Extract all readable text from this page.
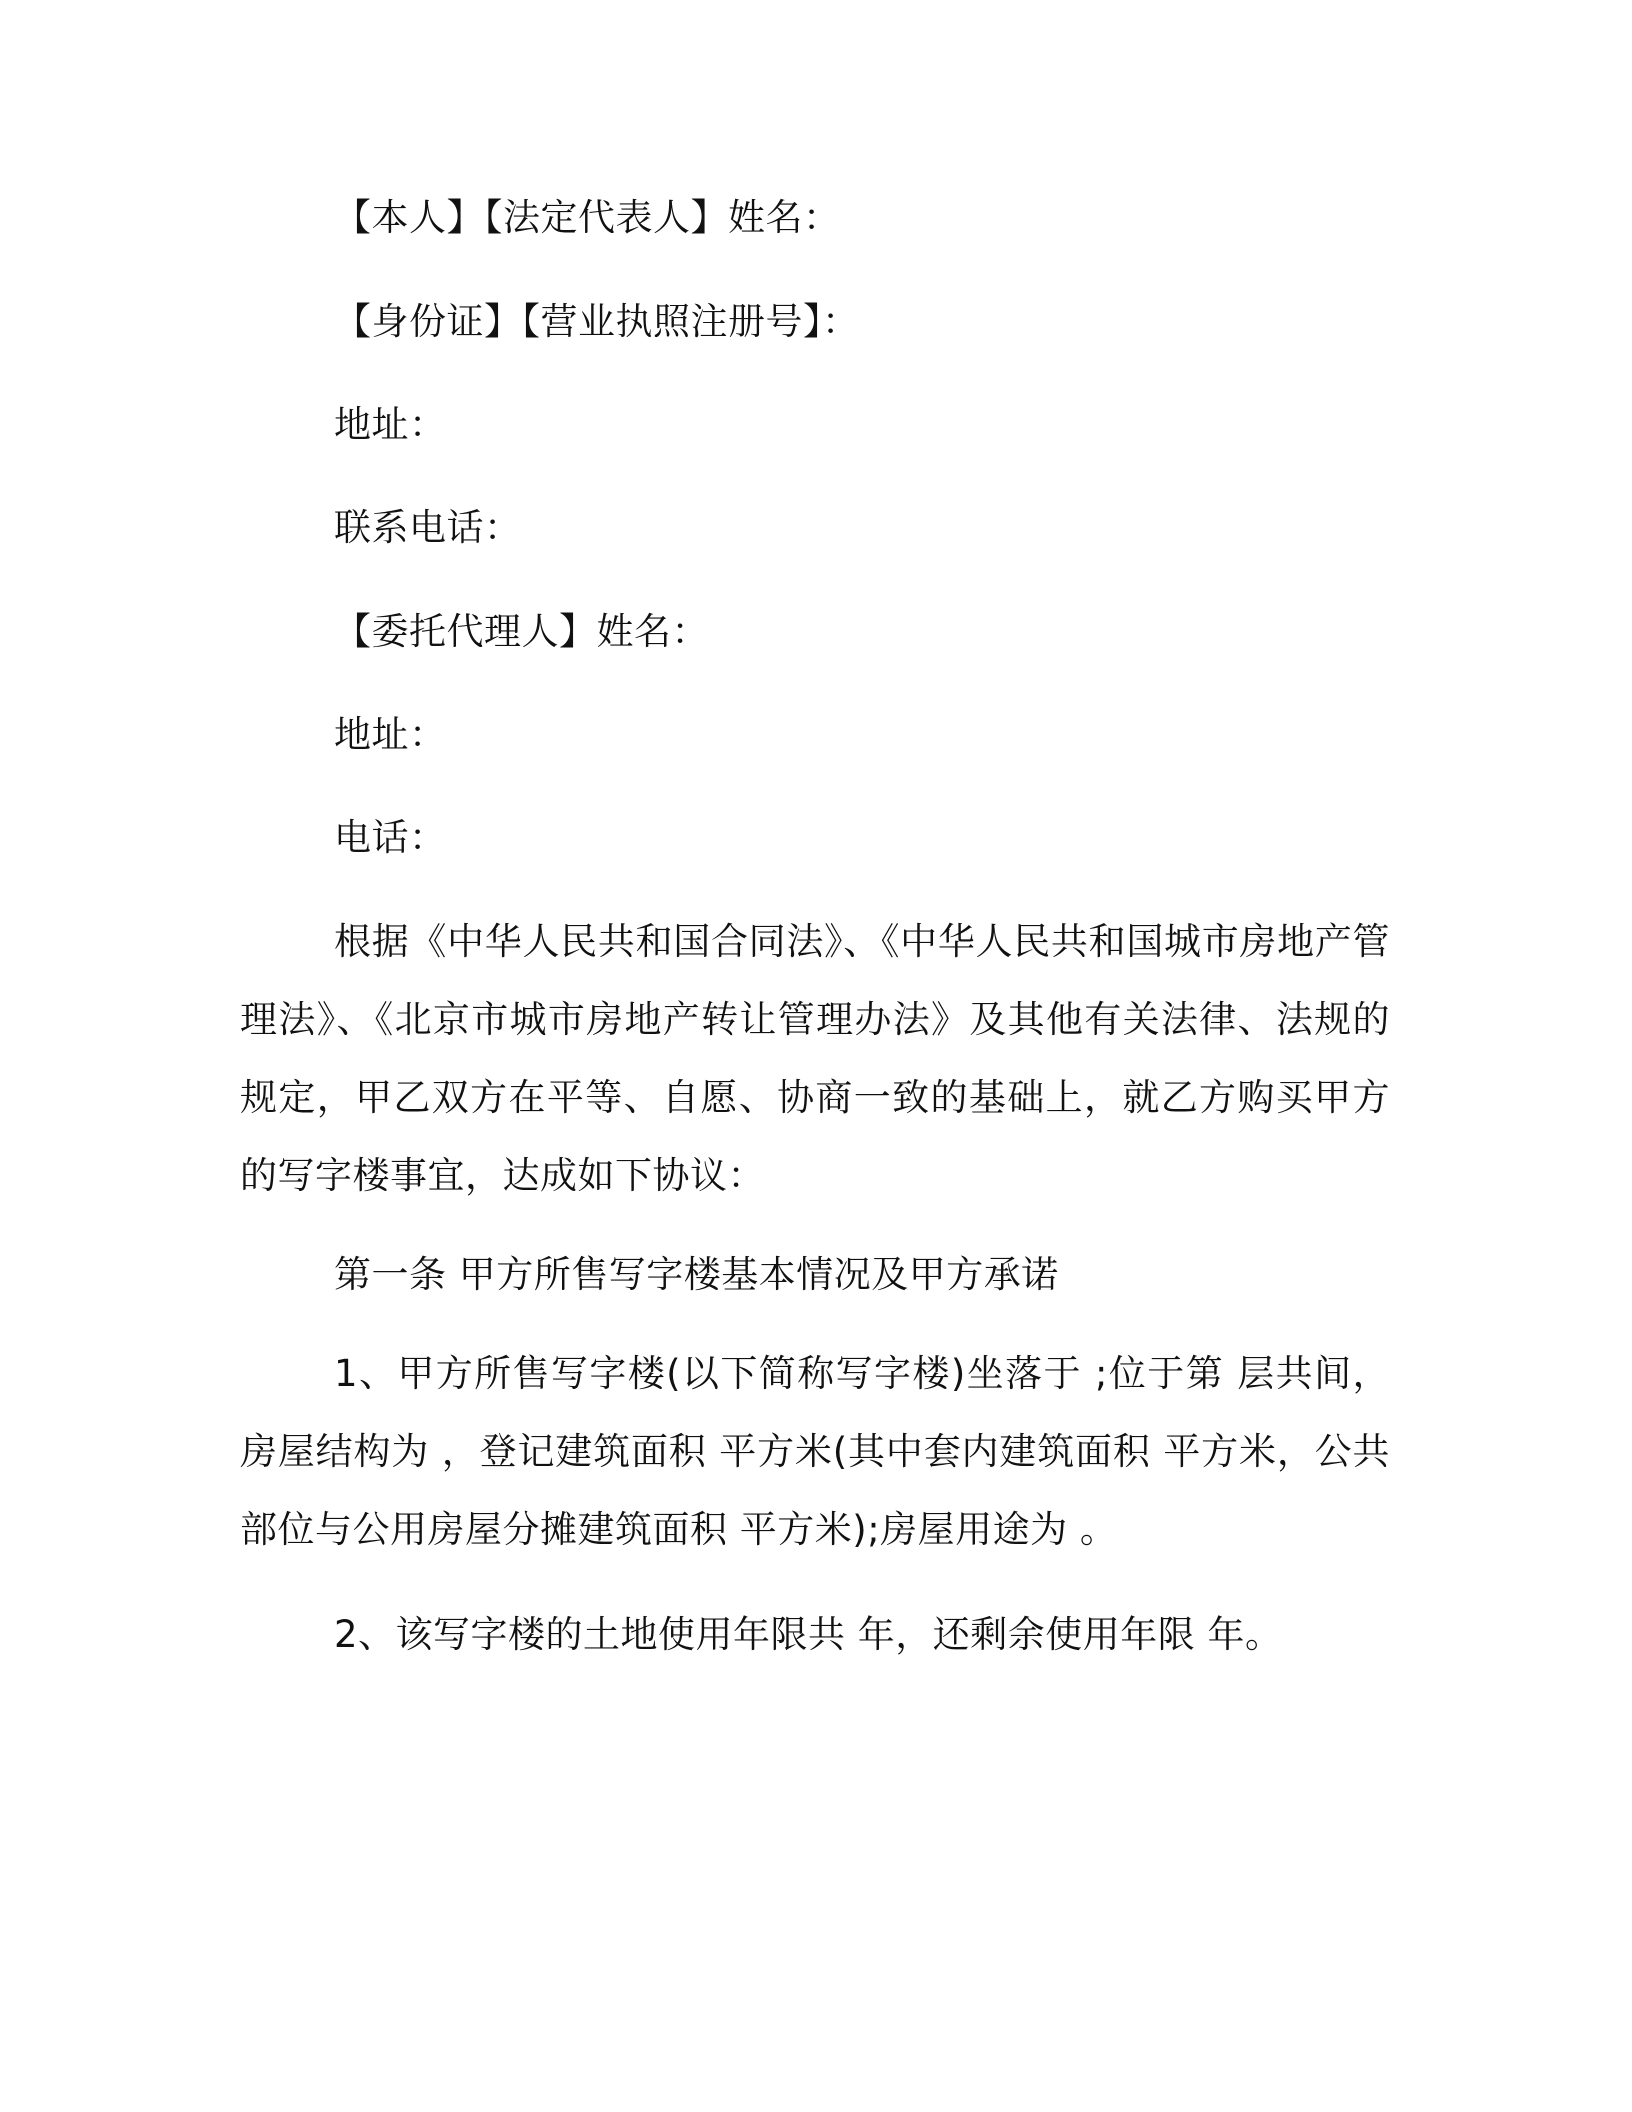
【本人】【法定代表人】姓名：
【身份证】【营业执照注册号】：
地址：
联系电话：
【委托代理人】姓名：
地址：
电话：
根据《中华人民共和国合同法》、《中华人民共和国城市房地产管理法》、《北京市城市房地产转让管理办法》及其他有关法律、法规的规定，甲乙双方在平等、自愿、协商一致的基础上，就乙方购买甲方的写字楼事宜，达成如下协议：
第一条 甲方所售写字楼基本情况及甲方承诺
1、甲方所售写字楼(以下简称写字楼)坐落于 ;位于第 层共间，房屋结构为 ，登记建筑面积 平方米(其中套内建筑面积 平方米，公共部位与公用房屋分摊建筑面积 平方米);房屋用途为 。
2、该写字楼的土地使用年限共 年，还剩余使用年限 年。
